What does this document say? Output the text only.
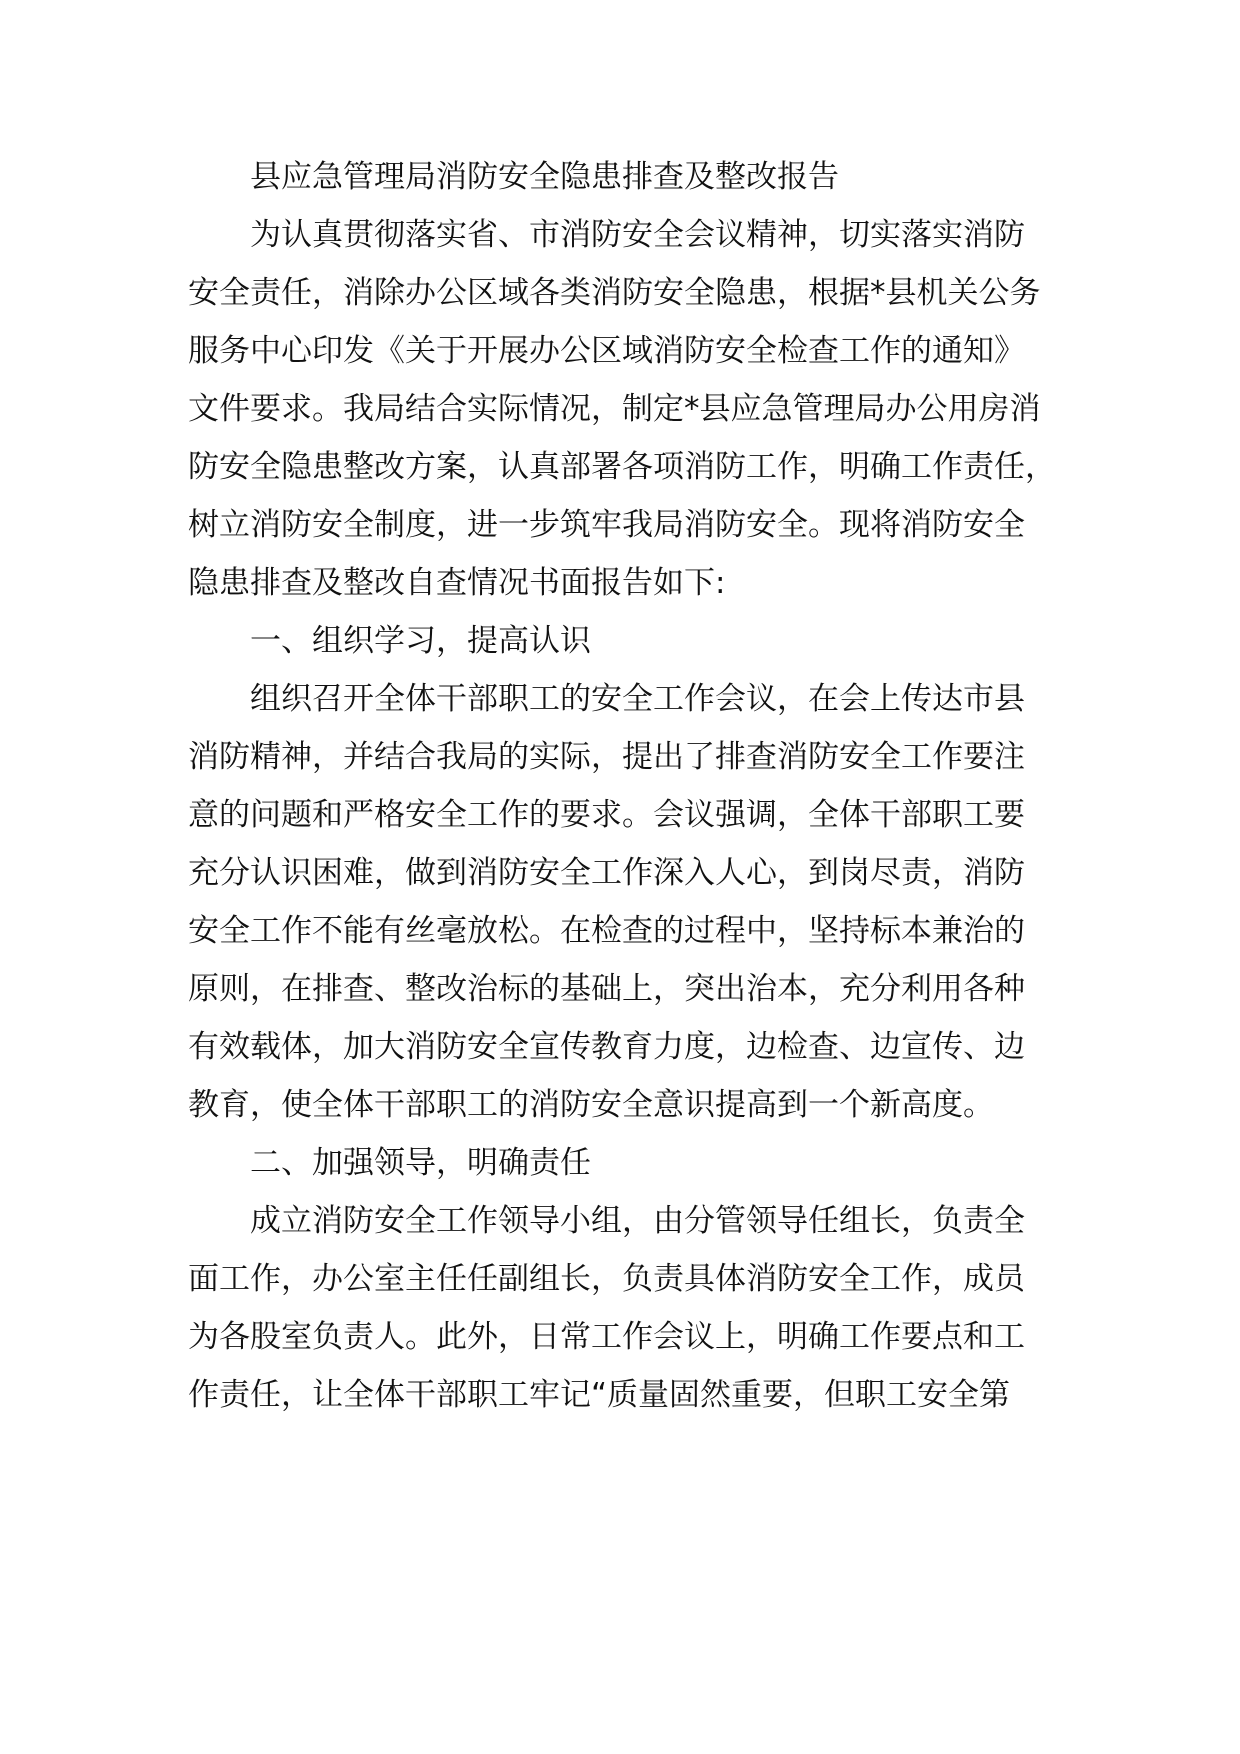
县应急管理局消防安全隐患排查及整改报告
为认真贯彻落实省、市消防安全会议精神，切实落实消防
安全责任，消除办公区域各类消防安全隐患，根据*县机关公务
服务中心印发《关于开展办公区域消防安全检查工作的通知》
文件要求。我局结合实际情况，制定*县应急管理局办公用房消
防安全隐患整改方案，认真部署各项消防工作，明确工作责任，
树立消防安全制度，进一步筑牢我局消防安全。现将消防安全
隐患排查及整改自查情况书面报告如下:
一、组织学习，提高认识
组织召开全体干部职工的安全工作会议，在会上传达市县
消防精神，并结合我局的实际，提出了排查消防安全工作要注
意的问题和严格安全工作的要求。会议强调，全体干部职工要
充分认识困难，做到消防安全工作深入人心，到岗尽责，消防
安全工作不能有丝毫放松。在检查的过程中，坚持标本兼治的
原则，在排查、整改治标的基础上，突出治本，充分利用各种
有效载体，加大消防安全宣传教育力度，边检查、边宣传、边
教育，使全体干部职工的消防安全意识提高到一个新高度。
二、加强领导，明确责任
成立消防安全工作领导小组，由分管领导任组长，负责全
面工作，办公室主任任副组长，负责具体消防安全工作，成员
为各股室负责人。此外，日常工作会议上，明确工作要点和工
作责任，让全体干部职工牢记“质量固然重要，但职工安全第
